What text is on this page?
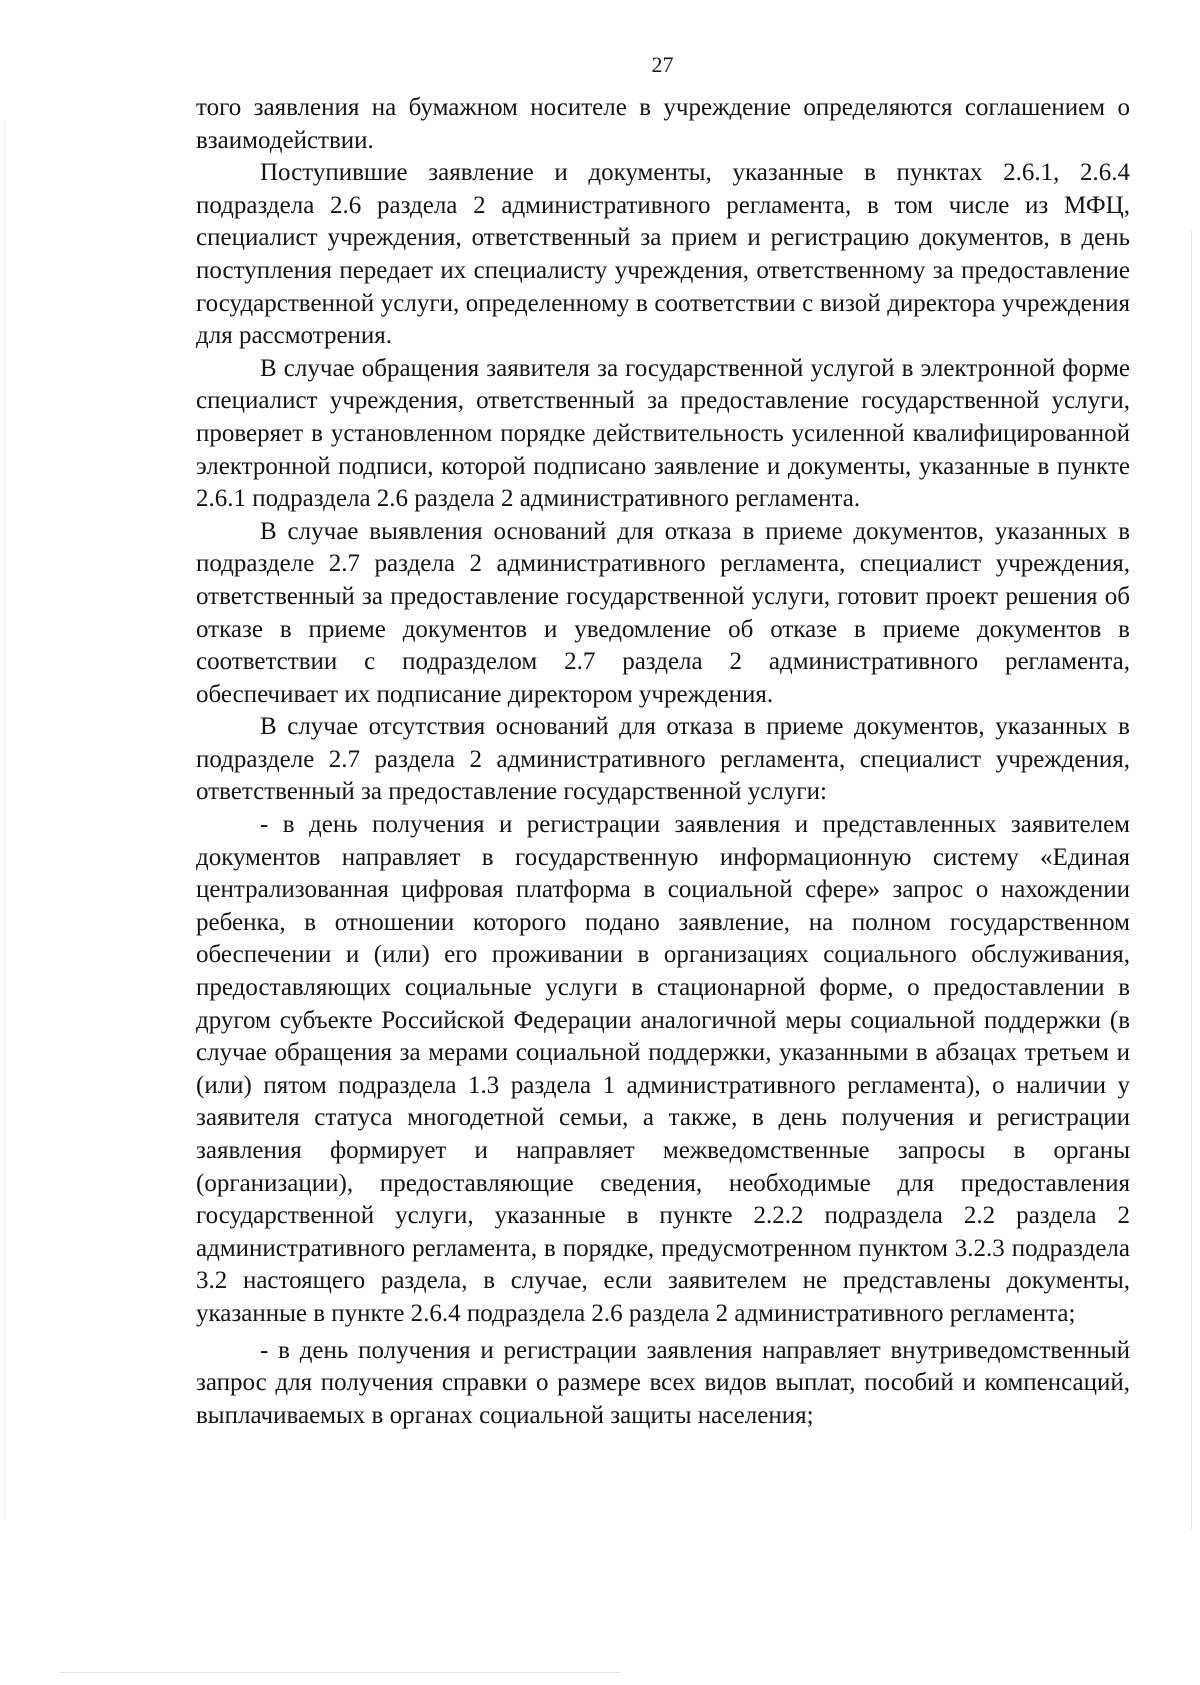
27

того заявления на бумажном носителе в учреждение определяются соглашением о взаимодействии.

Поступившие заявление и документы, указанные в пунктах 2.6.1, 2.6.4 подраздела 2.6 раздела 2 административного регламента, в том числе из МФЦ, специалист учреждения, ответственный за прием и регистрацию документов, в день поступления передает их специалисту учреждения, ответственному за предоставление государственной услуги, определенному в соответствии с визой директора учреждения для рассмотрения.

В случае обращения заявителя за государственной услугой в электронной форме специалист учреждения, ответственный за предоставление государственной услуги, проверяет в установленном порядке действительность усиленной квалифицированной электронной подписи, которой подписано заявление и документы, указанные в пункте 2.6.1 подраздела 2.6 раздела 2 административного регламента.

В случае выявления оснований для отказа в приеме документов, указанных в подразделе 2.7 раздела 2 административного регламента, специалист учреждения, ответственный за предоставление государственной услуги, готовит проект решения об отказе в приеме документов и уведомление об отказе в приеме документов в соответствии с подразделом 2.7 раздела 2 административного регламента, обеспечивает их подписание директором учреждения.

В случае отсутствия оснований для отказа в приеме документов, указанных в подразделе 2.7 раздела 2 административного регламента, специалист учреждения, ответственный за предоставление государственной услуги:

- в день получения и регистрации заявления и представленных заявителем документов направляет в государственную информационную систему «Единая централизованная цифровая платформа в социальной сфере» запрос о нахождении ребенка, в отношении которого подано заявление, на полном государственном обеспечении и (или) его проживании в организациях социального обслуживания, предоставляющих социальные услуги в стационарной форме, о предоставлении в другом субъекте Российской Федерации аналогичной меры социальной поддержки (в случае обращения за мерами социальной поддержки, указанными в абзацах третьем и (или) пятом подраздела 1.3 раздела 1 административного регламента), о наличии у заявителя статуса многодетной семьи, а также, в день получения и регистрации заявления формирует и направляет межведомственные запросы в органы (организации), предоставляющие сведения, необходимые для предоставления государственной услуги, указанные в пункте 2.2.2 подраздела 2.2 раздела 2 административного регламента, в порядке, предусмотренном пунктом 3.2.3 подраздела 3.2 настоящего раздела, в случае, если заявителем не представлены документы, указанные в пункте 2.6.4 подраздела 2.6 раздела 2 административного регламента;

- в день получения и регистрации заявления направляет внутриведомственный запрос для получения справки о размере всех видов выплат, пособий и компенсаций, выплачиваемых в органах социальной защиты населения;
